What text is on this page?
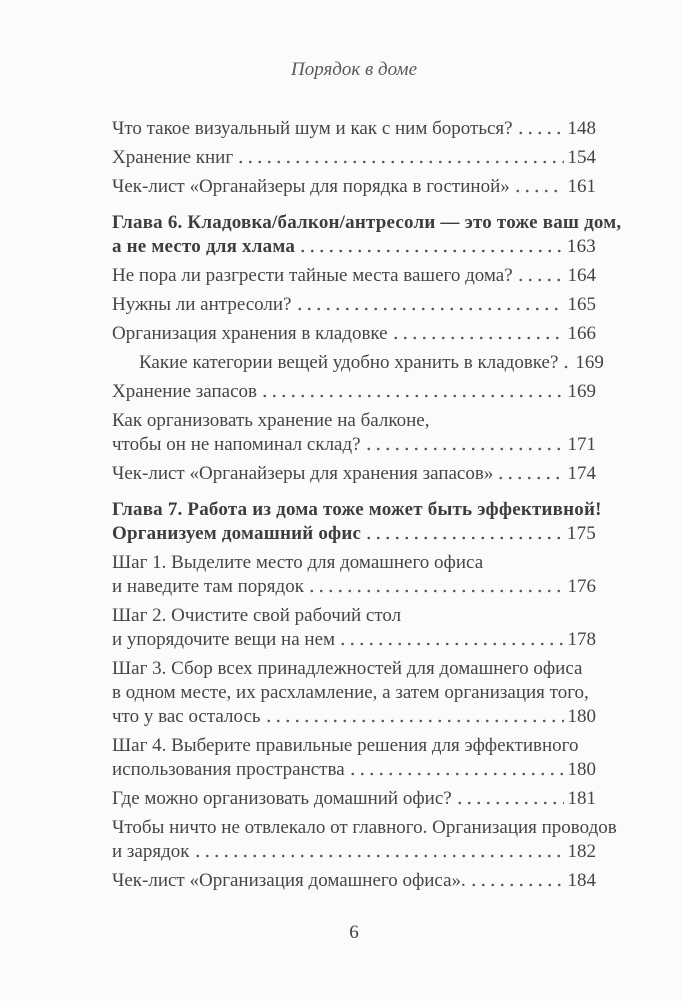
Порядок в доме
Что такое визуальный шум и как с ним бороться?	148
Хранение книг	154
Чек-лист «Органайзеры для порядка в гостиной»	161
Глава 6. Кладовка/балкон/антресоли — это тоже ваш дом,
а не место для хлама	163
Не пора ли разгрести тайные места вашего дома?	164
Нужны ли антресоли?	165
Организация хранения в кладовке	166
Какие категории вещей удобно хранить в кладовке? 169
Хранение запасов	169
Как организовать хранение на балконе,
чтобы он не напоминал склад?	171
Чек-лист «Органайзеры для хранения запасов»	174
Глава 7. Работа из дома тоже может быть эффективной!
Организуем домашний офис	175
Шаг 1. Выделите место для домашнего офиса
и наведите там порядок	176
Шаг 2. Очистите свой рабочий стол
и упорядочите вещи на нем	178
Шаг 3. Сбор всех принадлежностей для домашнего офиса
в одном месте, их расхламление, а затем организация того,
что у вас осталось	180
Шаг 4. Выберите правильные решения для эффективного
использования пространства	180
Где можно организовать домашний офис?	181
Чтобы ничто не отвлекало от главного. Организация проводов
и зарядок	182
Чек-лист «Организация домашнего офиса».	184
6
